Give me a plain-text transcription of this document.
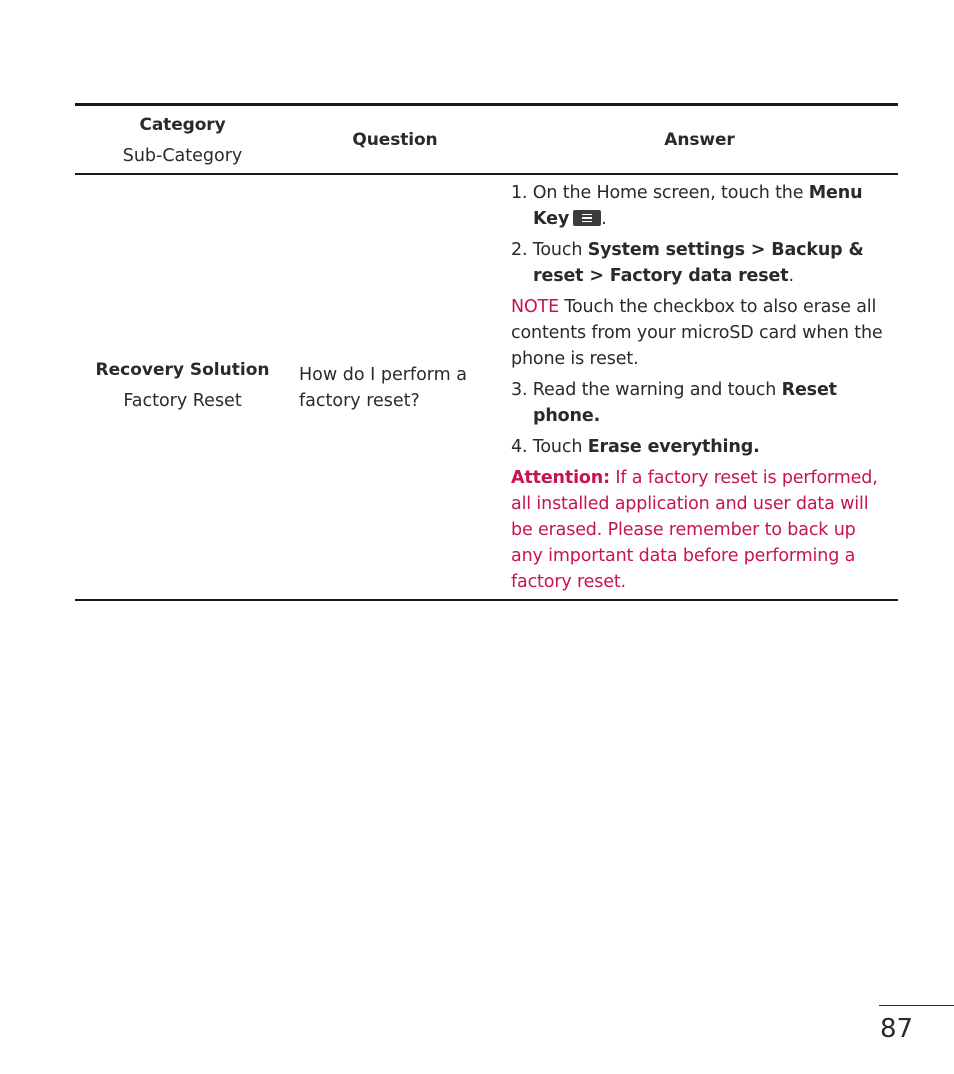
Category
Sub-Category
Question	Answer
Recovery Solution
Factory Reset
How do I perform a factory reset?

1. On the Home screen, touch the Menu Key .

2. Touch System settings > Backup & reset > Factory data reset.

NOTE Touch the checkbox to also erase all contents from your microSD card when the phone is reset.

3. Read the warning and touch Reset phone.

4. Touch Erase everything.

Attention: If a factory reset is performed, all installed application and user data will be erased. Please remember to back up any important data before performing a factory reset.

87
